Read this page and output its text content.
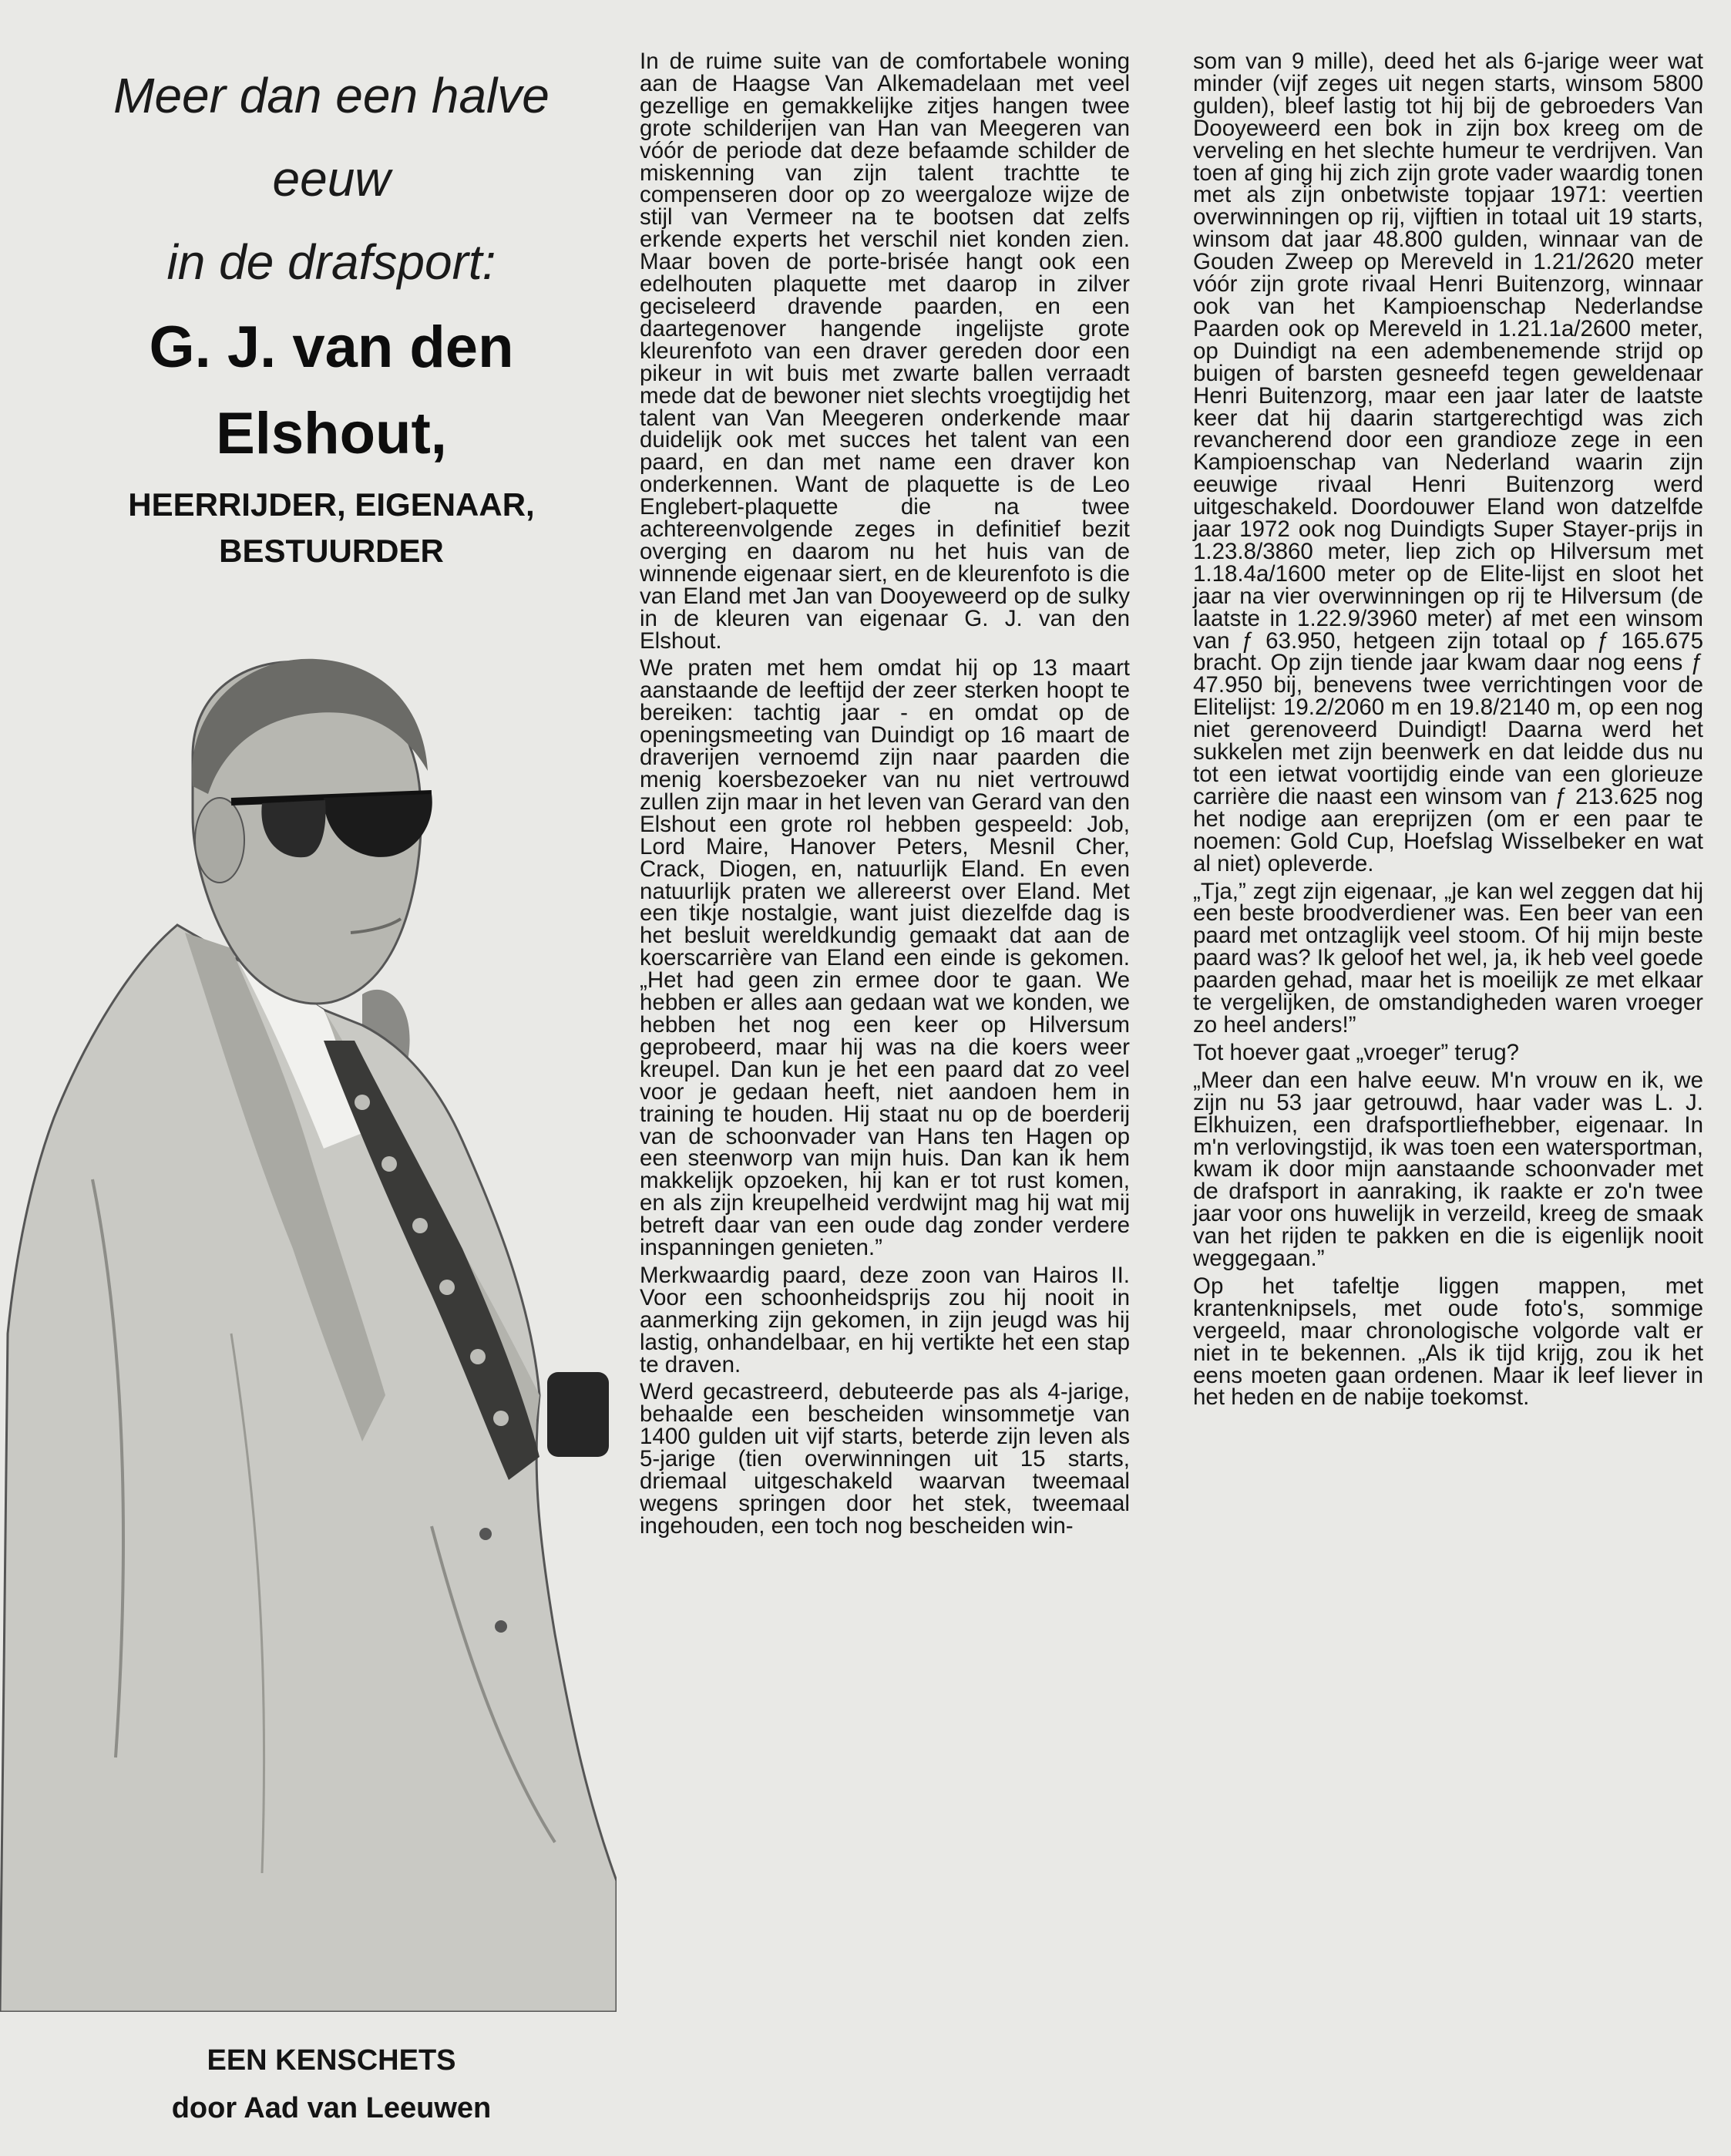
Meer dan een halve
eeuw
in de drafsport:
G. J. van den
Elshout,
HEERRIJDER, EIGENAAR,
BESTUURDER
EEN KENSCHETS
door Aad van Leeuwen

In de ruime suite van de comfortabele woning aan de Haagse Van Alkemadelaan met veel gezellige en gemakkelijke zitjes hangen twee grote schilderijen van Han van Meegeren van vóór de periode dat deze befaamde schilder de miskenning van zijn talent trachtte te compenseren door op zo weergaloze wijze de stijl van Vermeer na te bootsen dat zelfs erkende experts het verschil niet konden zien. Maar boven de porte-brisée hangt ook een edelhouten plaquette met daarop in zilver geciseleerd dravende paarden, en een daartegenover hangende ingelijste grote kleurenfoto van een draver gereden door een pikeur in wit buis met zwarte ballen verraadt mede dat de bewoner niet slechts vroegtijdig het talent van Van Meegeren onderkende maar duidelijk ook met succes het talent van een paard, en dan met name een draver kon onderkennen. Want de plaquette is de Leo Englebert-plaquette die na twee achtereenvolgende zeges in definitief bezit overging en daarom nu het huis van de winnende eigenaar siert, en de kleurenfoto is die van Eland met Jan van Dooyeweerd op de sulky in de kleuren van eigenaar G. J. van den Elshout.

We praten met hem omdat hij op 13 maart aanstaande de leeftijd der zeer sterken hoopt te bereiken: tachtig jaar - en omdat op de openingsmeeting van Duindigt op 16 maart de draverijen vernoemd zijn naar paarden die menig koersbezoeker van nu niet vertrouwd zullen zijn maar in het leven van Gerard van den Elshout een grote rol hebben gespeeld: Job, Lord Maire, Hanover Peters, Mesnil Cher, Crack, Diogen, en, natuurlijk Eland. En even natuurlijk praten we allereerst over Eland. Met een tikje nostalgie, want juist diezelfde dag is het besluit wereldkundig gemaakt dat aan de koerscarrière van Eland een einde is gekomen. „Het had geen zin ermee door te gaan. We hebben er alles aan gedaan wat we konden, we hebben het nog een keer op Hilversum geprobeerd, maar hij was na die koers weer kreupel. Dan kun je het een paard dat zo veel voor je gedaan heeft, niet aandoen hem in training te houden. Hij staat nu op de boerderij van de schoonvader van Hans ten Hagen op een steenworp van mijn huis. Dan kan ik hem makkelijk opzoeken, hij kan er tot rust komen, en als zijn kreupelheid verdwijnt mag hij wat mij betreft daar van een oude dag zonder verdere inspanningen genieten.”

Merkwaardig paard, deze zoon van Hairos II. Voor een schoonheidsprijs zou hij nooit in aanmerking zijn gekomen, in zijn jeugd was hij lastig, onhandelbaar, en hij vertikte het een stap te draven.

Werd gecastreerd, debuteerde pas als 4-jarige, behaalde een bescheiden winsommetje van 1400 gulden uit vijf starts, beterde zijn leven als 5-jarige (tien overwinningen uit 15 starts, driemaal uitgeschakeld waarvan tweemaal wegens springen door het stek, tweemaal ingehouden, een toch nog bescheiden win-

som van 9 mille), deed het als 6-jarige weer wat minder (vijf zeges uit negen starts, winsom 5800 gulden), bleef lastig tot hij bij de gebroeders Van Dooyeweerd een bok in zijn box kreeg om de verveling en het slechte humeur te verdrijven. Van toen af ging hij zich zijn grote vader waardig tonen met als zijn onbetwiste topjaar 1971: veertien overwinningen op rij, vijftien in totaal uit 19 starts, winsom dat jaar 48.800 gulden, winnaar van de Gouden Zweep op Mereveld in 1.21/2620 meter vóór zijn grote rivaal Henri Buitenzorg, winnaar ook van het Kampioenschap Nederlandse Paarden ook op Mereveld in 1.21.1a/2600 meter, op Duindigt na een adembenemende strijd op buigen of barsten gesneefd tegen geweldenaar Henri Buitenzorg, maar een jaar later de laatste keer dat hij daarin startgerechtigd was zich revancherend door een grandioze zege in een Kampioenschap van Nederland waarin zijn eeuwige rivaal Henri Buitenzorg werd uitgeschakeld. Doordouwer Eland won datzelfde jaar 1972 ook nog Duindigts Super Stayer-prijs in 1.23.8/3860 meter, liep zich op Hilversum met 1.18.4a/1600 meter op de Elite-lijst en sloot het jaar na vier overwinningen op rij te Hilversum (de laatste in 1.22.9/3960 meter) af met een winsom van ƒ 63.950, hetgeen zijn totaal op ƒ 165.675 bracht. Op zijn tiende jaar kwam daar nog eens ƒ 47.950 bij, benevens twee verrichtingen voor de Elitelijst: 19.2/2060 m en 19.8/2140 m, op een nog niet gerenoveerd Duindigt! Daarna werd het sukkelen met zijn beenwerk en dat leidde dus nu tot een ietwat voortijdig einde van een glorieuze carrière die naast een winsom van ƒ 213.625 nog het nodige aan ereprijzen (om er een paar te noemen: Gold Cup, Hoefslag Wisselbeker en wat al niet) opleverde.

„Tja,” zegt zijn eigenaar, „je kan wel zeggen dat hij een beste broodverdiener was. Een beer van een paard met ontzaglijk veel stoom. Of hij mijn beste paard was? Ik geloof het wel, ja, ik heb veel goede paarden gehad, maar het is moeilijk ze met elkaar te vergelijken, de omstandigheden waren vroeger zo heel anders!”

Tot hoever gaat „vroeger” terug?

„Meer dan een halve eeuw. M'n vrouw en ik, we zijn nu 53 jaar getrouwd, haar vader was L. J. Elkhuizen, een drafsportliefhebber, eigenaar. In m'n verlovingstijd, ik was toen een watersportman, kwam ik door mijn aanstaande schoonvader met de drafsport in aanraking, ik raakte er zo'n twee jaar voor ons huwelijk in verzeild, kreeg de smaak van het rijden te pakken en die is eigenlijk nooit weggegaan.”

Op het tafeltje liggen mappen, met krantenknipsels, met oude foto's, sommige vergeeld, maar chronologische volgorde valt er niet in te bekennen. „Als ik tijd krijg, zou ik het eens moeten gaan ordenen. Maar ik leef liever in het heden en de nabije toekomst.
